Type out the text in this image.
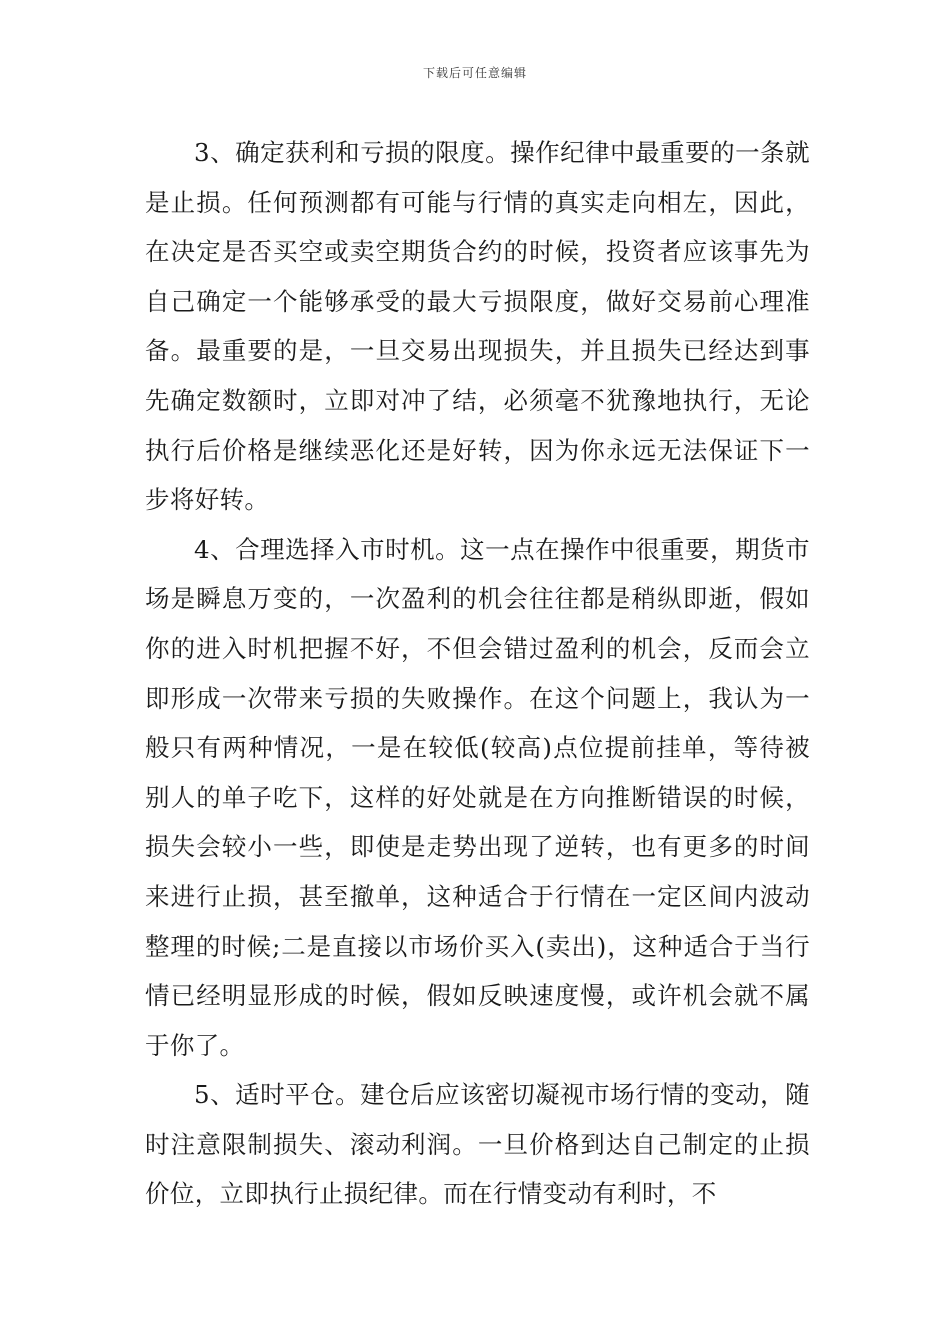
下载后可任意编辑

3、确定获利和亏损的限度。操作纪律中最重要的一条就是止损。任何预测都有可能与行情的真实走向相左，因此，在决定是否买空或卖空期货合约的时候，投资者应该事先为自己确定一个能够承受的最大亏损限度，做好交易前心理准备。最重要的是，一旦交易出现损失，并且损失已经达到事先确定数额时，立即对冲了结，必须毫不犹豫地执行，无论执行后价格是继续恶化还是好转，因为你永远无法保证下一步将好转。

4、合理选择入市时机。这一点在操作中很重要，期货市场是瞬息万变的，一次盈利的机会往往都是稍纵即逝，假如你的进入时机把握不好，不但会错过盈利的机会，反而会立即形成一次带来亏损的失败操作。在这个问题上，我认为一般只有两种情况，一是在较低(较高)点位提前挂单，等待被别人的单子吃下，这样的好处就是在方向推断错误的时候，损失会较小一些，即使是走势出现了逆转，也有更多的时间来进行止损，甚至撤单，这种适合于行情在一定区间内波动整理的时候;二是直接以市场价买入(卖出)，这种适合于当行情已经明显形成的时候，假如反映速度慢，或许机会就不属于你了。

5、适时平仓。建仓后应该密切凝视市场行情的变动，随时注意限制损失、滚动利润。一旦价格到达自己制定的止损价位，立即执行止损纪律。而在行情变动有利时，不
